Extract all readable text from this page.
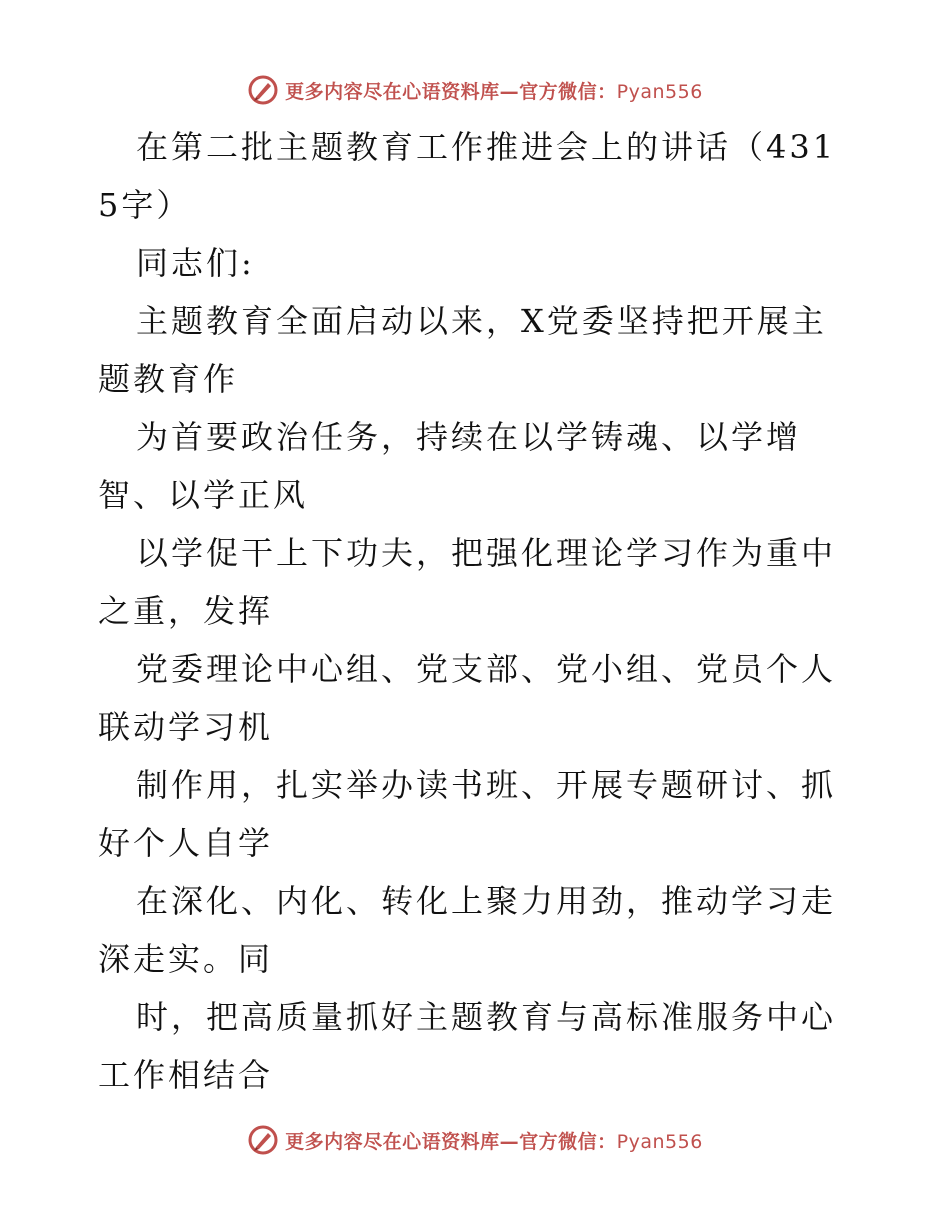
更多内容尽在心语资料库—官方微信：Pyan556

在第二批主题教育工作推进会上的讲话（4315字）

同志们:

主题教育全面启动以来，X党委坚持把开展主题教育作

为首要政治任务，持续在以学铸魂、以学增智、以学正风

以学促干上下功夫，把强化理论学习作为重中之重，发挥

党委理论中心组、党支部、党小组、党员个人联动学习机

制作用，扎实举办读书班、开展专题研讨、抓好个人自学

在深化、内化、转化上聚力用劲，推动学习走深走实。同

时，把高质量抓好主题教育与高标准服务中心工作相结合

更多内容尽在心语资料库—官方微信：Pyan556
